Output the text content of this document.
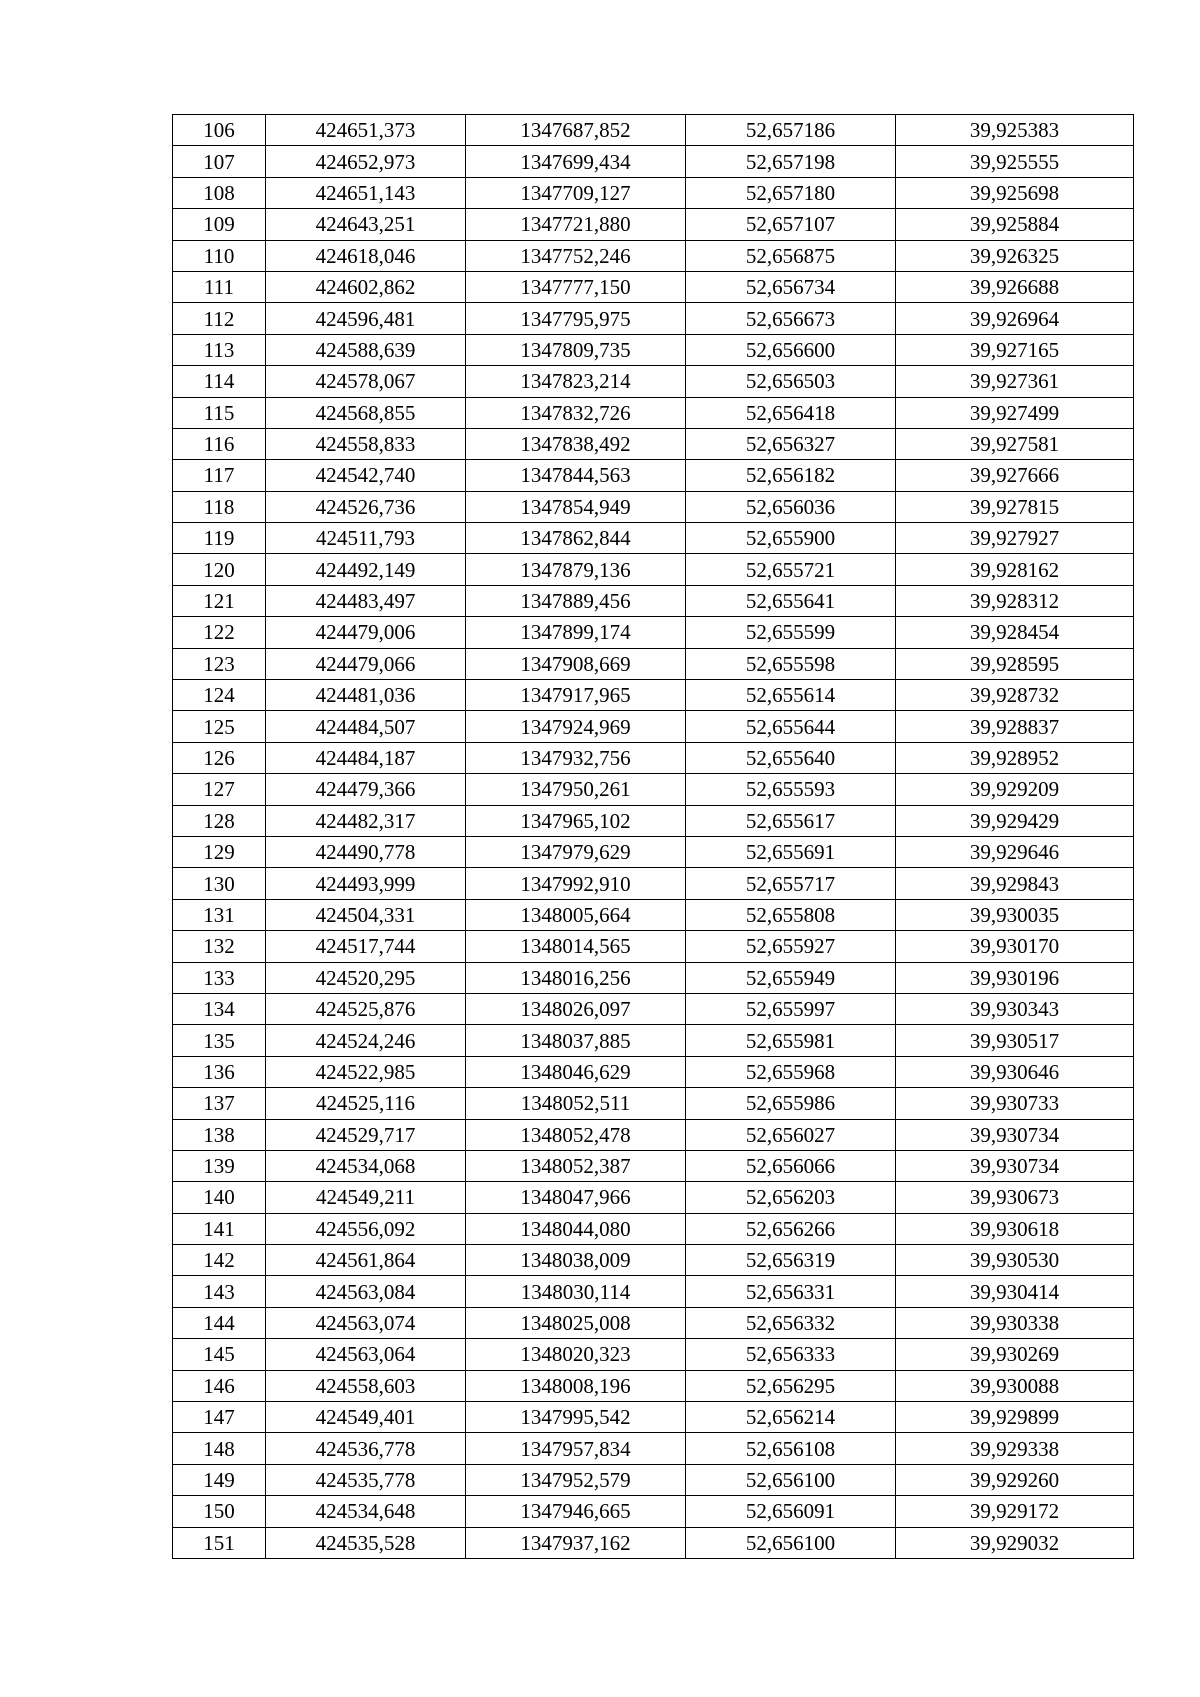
106	424651,373	1347687,852	52,657186	39,925383
107	424652,973	1347699,434	52,657198	39,925555
108	424651,143	1347709,127	52,657180	39,925698
109	424643,251	1347721,880	52,657107	39,925884
110	424618,046	1347752,246	52,656875	39,926325
111	424602,862	1347777,150	52,656734	39,926688
112	424596,481	1347795,975	52,656673	39,926964
113	424588,639	1347809,735	52,656600	39,927165
114	424578,067	1347823,214	52,656503	39,927361
115	424568,855	1347832,726	52,656418	39,927499
116	424558,833	1347838,492	52,656327	39,927581
117	424542,740	1347844,563	52,656182	39,927666
118	424526,736	1347854,949	52,656036	39,927815
119	424511,793	1347862,844	52,655900	39,927927
120	424492,149	1347879,136	52,655721	39,928162
121	424483,497	1347889,456	52,655641	39,928312
122	424479,006	1347899,174	52,655599	39,928454
123	424479,066	1347908,669	52,655598	39,928595
124	424481,036	1347917,965	52,655614	39,928732
125	424484,507	1347924,969	52,655644	39,928837
126	424484,187	1347932,756	52,655640	39,928952
127	424479,366	1347950,261	52,655593	39,929209
128	424482,317	1347965,102	52,655617	39,929429
129	424490,778	1347979,629	52,655691	39,929646
130	424493,999	1347992,910	52,655717	39,929843
131	424504,331	1348005,664	52,655808	39,930035
132	424517,744	1348014,565	52,655927	39,930170
133	424520,295	1348016,256	52,655949	39,930196
134	424525,876	1348026,097	52,655997	39,930343
135	424524,246	1348037,885	52,655981	39,930517
136	424522,985	1348046,629	52,655968	39,930646
137	424525,116	1348052,511	52,655986	39,930733
138	424529,717	1348052,478	52,656027	39,930734
139	424534,068	1348052,387	52,656066	39,930734
140	424549,211	1348047,966	52,656203	39,930673
141	424556,092	1348044,080	52,656266	39,930618
142	424561,864	1348038,009	52,656319	39,930530
143	424563,084	1348030,114	52,656331	39,930414
144	424563,074	1348025,008	52,656332	39,930338
145	424563,064	1348020,323	52,656333	39,930269
146	424558,603	1348008,196	52,656295	39,930088
147	424549,401	1347995,542	52,656214	39,929899
148	424536,778	1347957,834	52,656108	39,929338
149	424535,778	1347952,579	52,656100	39,929260
150	424534,648	1347946,665	52,656091	39,929172
151	424535,528	1347937,162	52,656100	39,929032
